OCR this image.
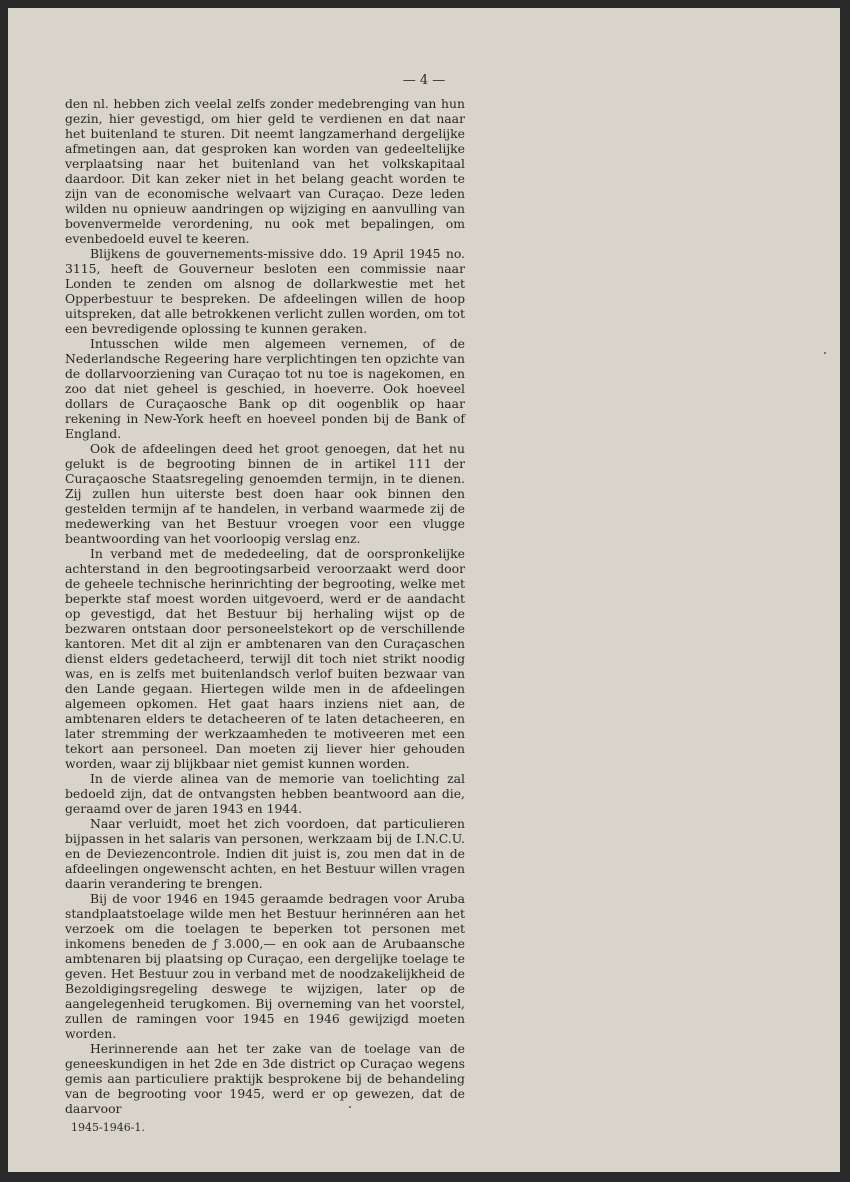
— 4 —

den nl. hebben zich veelal zelfs zonder medebrenging van hun gezin, hier gevestigd, om hier geld te verdienen en dat naar het buitenland te sturen. Dit neemt langzamerhand dergelijke afmetingen aan, dat gesproken kan worden van gedeeltelijke verplaatsing naar het buitenland van het volkskapitaal daardoor. Dit kan zeker niet in het belang geacht worden te zijn van de economische welvaart van Curaçao. Deze leden wilden nu opnieuw aandringen op wijziging en aanvulling van bovenvermelde verordening, nu ook met bepalingen, om evenbedoeld euvel te keeren.

Blijkens de gouvernements-missive ddo. 19 April 1945 no. 3115, heeft de Gouverneur besloten een commissie naar Londen te zenden om alsnog de dollarkwestie met het Opperbestuur te bespreken. De afdeelingen willen de hoop uitspreken, dat alle betrokkenen verlicht zullen worden, om tot een bevredigende oplossing te kunnen geraken.

Intusschen wilde men algemeen vernemen, of de Nederlandsche Regeering hare verplichtingen ten opzichte van de dollarvoorziening van Curaçao tot nu toe is nagekomen, en zoo dat niet geheel is geschied, in hoeverre. Ook hoeveel dollars de Curaçaosche Bank op dit oogenblik op haar rekening in New-York heeft en hoeveel ponden bij de Bank of England.

Ook de afdeelingen deed het groot genoegen, dat het nu gelukt is de begrooting binnen de in artikel 111 der Curaçaosche Staatsregeling genoemden termijn, in te dienen. Zij zullen hun uiterste best doen haar ook binnen den gestelden termijn af te handelen, in verband waarmede zij de medewerking van het Bestuur vroegen voor een vlugge beantwoording van het voorloopig verslag enz.

In verband met de mededeeling, dat de oorspronkelijke achterstand in den begrootingsarbeid veroorzaakt werd door de geheele technische herinrichting der begrooting, welke met beperkte staf moest worden uitgevoerd, werd er de aandacht op gevestigd, dat het Bestuur bij herhaling wijst op de bezwaren ontstaan door personeelstekort op de verschillende kantoren. Met dit al zijn er ambtenaren van den Curaçaschen dienst elders gedetacheerd, terwijl dit toch niet strikt noodig was, en is zelfs met buitenlandsch verlof buiten bezwaar van den Lande gegaan. Hiertegen wilde men in de afdeelingen algemeen opkomen. Het gaat haars inziens niet aan, de ambtenaren elders te detacheeren of te laten detacheeren, en later stremming der werkzaamheden te motiveeren met een tekort aan personeel. Dan moeten zij liever hier gehouden worden, waar zij blijkbaar niet gemist kunnen worden.

In de vierde alinea van de memorie van toelichting zal bedoeld zijn, dat de ontvangsten hebben beantwoord aan die, geraamd over de jaren 1943 en 1944.

Naar verluidt, moet het zich voordoen, dat particulieren bijpassen in het salaris van personen, werkzaam bij de I.N.C.U. en de Deviezencontrole. Indien dit juist is, zou men dat in de afdeelingen ongewenscht achten, en het Bestuur willen vragen daarin verandering te brengen.

Bij de voor 1946 en 1945 geraamde bedragen voor Aruba standplaatstoelage wilde men het Bestuur herinnéren aan het verzoek om die toelagen te beperken tot personen met inkomens beneden de ƒ 3.000,— en ook aan de Arubaansche ambtenaren bij plaatsing op Curaçao, een dergelijke toelage te geven. Het Bestuur zou in verband met de noodzakelijkheid de Bezoldigingsregeling deswege te wijzigen, later op de aangelegenheid terugkomen. Bij overneming van het voorstel, zullen de ramingen voor 1945 en 1946 gewijzigd moeten worden.

Herinnerende aan het ter zake van de toelage van de geneeskundigen in het 2de en 3de district op Curaçao wegens gemis aan particuliere praktijk besprokene bij de behandeling van de begrooting voor 1945, werd er op gewezen, dat de daarvoor

1945-1946-1.
